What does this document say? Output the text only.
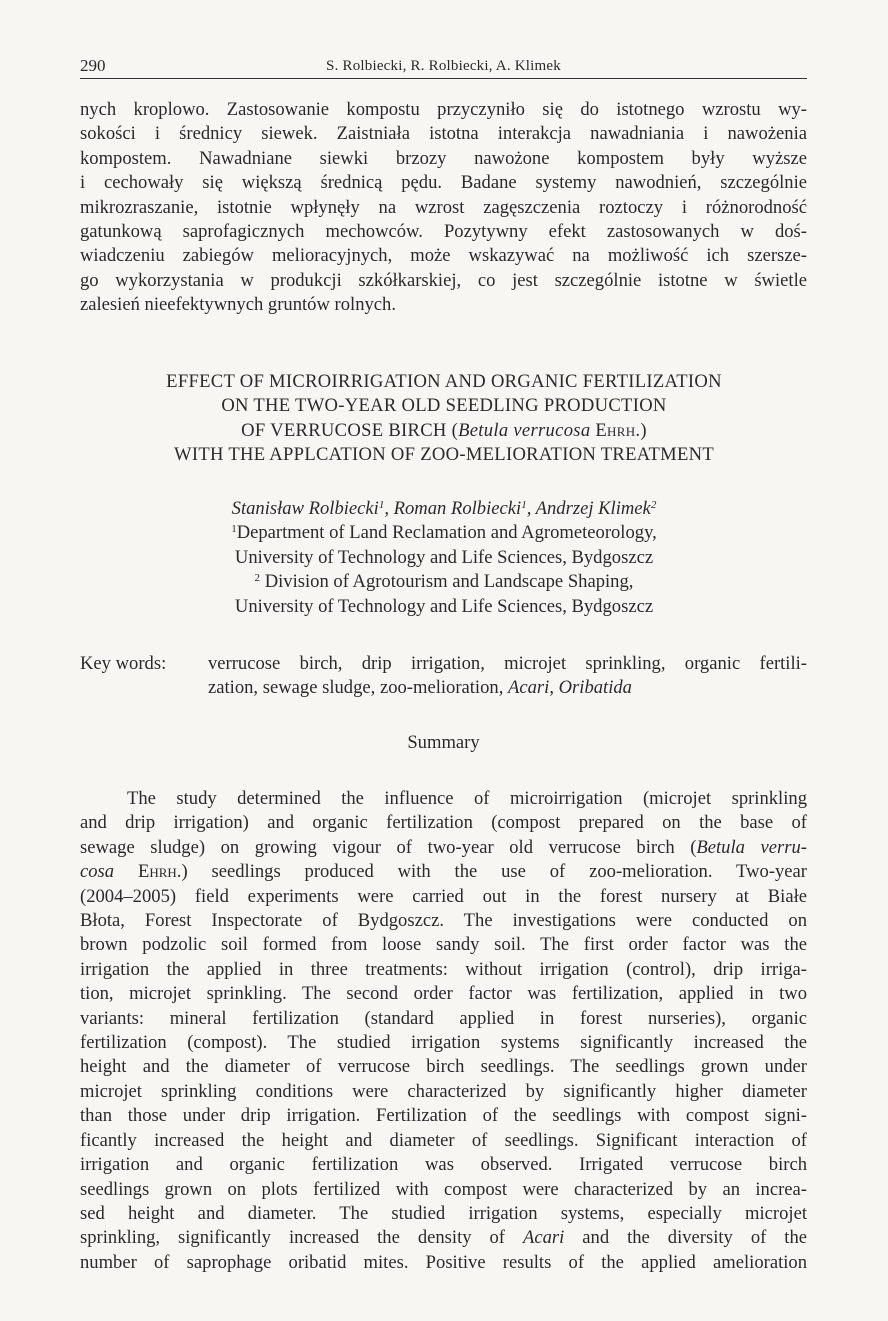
290	S. Rolbiecki, R. Rolbiecki, A. Klimek
nych kroplowo. Zastosowanie kompostu przyczyniło się do istotnego wzrostu wy-
sokości i średnicy siewek. Zaistniała istotna interakcja nawadniania i nawożenia
kompostem. Nawadniane siewki brzozy nawożone kompostem były wyższe
i cechowały się większą średnicą pędu. Badane systemy nawodnień, szczególnie
mikrozraszanie, istotnie wpłynęły na wzrost zagęszczenia roztoczy i różnorodność
gatunkową saprofagicznych mechowców. Pozytywny efekt zastosowanych w doś-
wiadczeniu zabiegów melioracyjnych, może wskazywać na możliwość ich szersze-
go wykorzystania w produkcji szkółkarskiej, co jest szczególnie istotne w świetle
zalesień nieefektywnych gruntów rolnych.
EFFECT OF MICROIRRIGATION AND ORGANIC FERTILIZATION
ON THE TWO-YEAR OLD SEEDLING PRODUCTION
OF VERRUCOSE BIRCH (Betula verrucosa Ehrh.)
WITH THE APPLCATION OF ZOO-MELIORATION TREATMENT
Stanisław Rolbiecki$^1$, Roman Rolbiecki$^1$, Andrzej Klimek$^2$
$^1$Department of Land Reclamation and Agrometeorology,
University of Technology and Life Sciences, Bydgoszcz
$^2$ Division of Agrotourism and Landscape Shaping,
University of Technology and Life Sciences, Bydgoszcz
Key words: verrucose birch, drip irrigation, microjet sprinkling, organic fertili-
zation, sewage sludge, zoo-melioration, Acari, Oribatida
Summary
The study determined the influence of microirrigation (microjet sprinkling
and drip irrigation) and organic fertilization (compost prepared on the base of
sewage sludge) on growing vigour of two-year old verrucose birch (Betula verru-
cosa Ehrh.) seedlings produced with the use of zoo-melioration. Two-year
(2004–2005) field experiments were carried out in the forest nursery at Białe
Błota, Forest Inspectorate of Bydgoszcz. The investigations were conducted on
brown podzolic soil formed from loose sandy soil. The first order factor was the
irrigation the applied in three treatments: without irrigation (control), drip irriga-
tion, microjet sprinkling. The second order factor was fertilization, applied in two
variants: mineral fertilization (standard applied in forest nurseries), organic
fertilization (compost). The studied irrigation systems significantly increased the
height and the diameter of verrucose birch seedlings. The seedlings grown under
microjet sprinkling conditions were characterized by significantly higher diameter
than those under drip irrigation. Fertilization of the seedlings with compost signi-
ficantly increased the height and diameter of seedlings. Significant interaction of
irrigation and organic fertilization was observed. Irrigated verrucose birch
seedlings grown on plots fertilized with compost were characterized by an increa-
sed height and diameter. The studied irrigation systems, especially microjet
sprinkling, significantly increased the density of Acari and the diversity of the
number of saprophage oribatid mites. Positive results of the applied amelioration
